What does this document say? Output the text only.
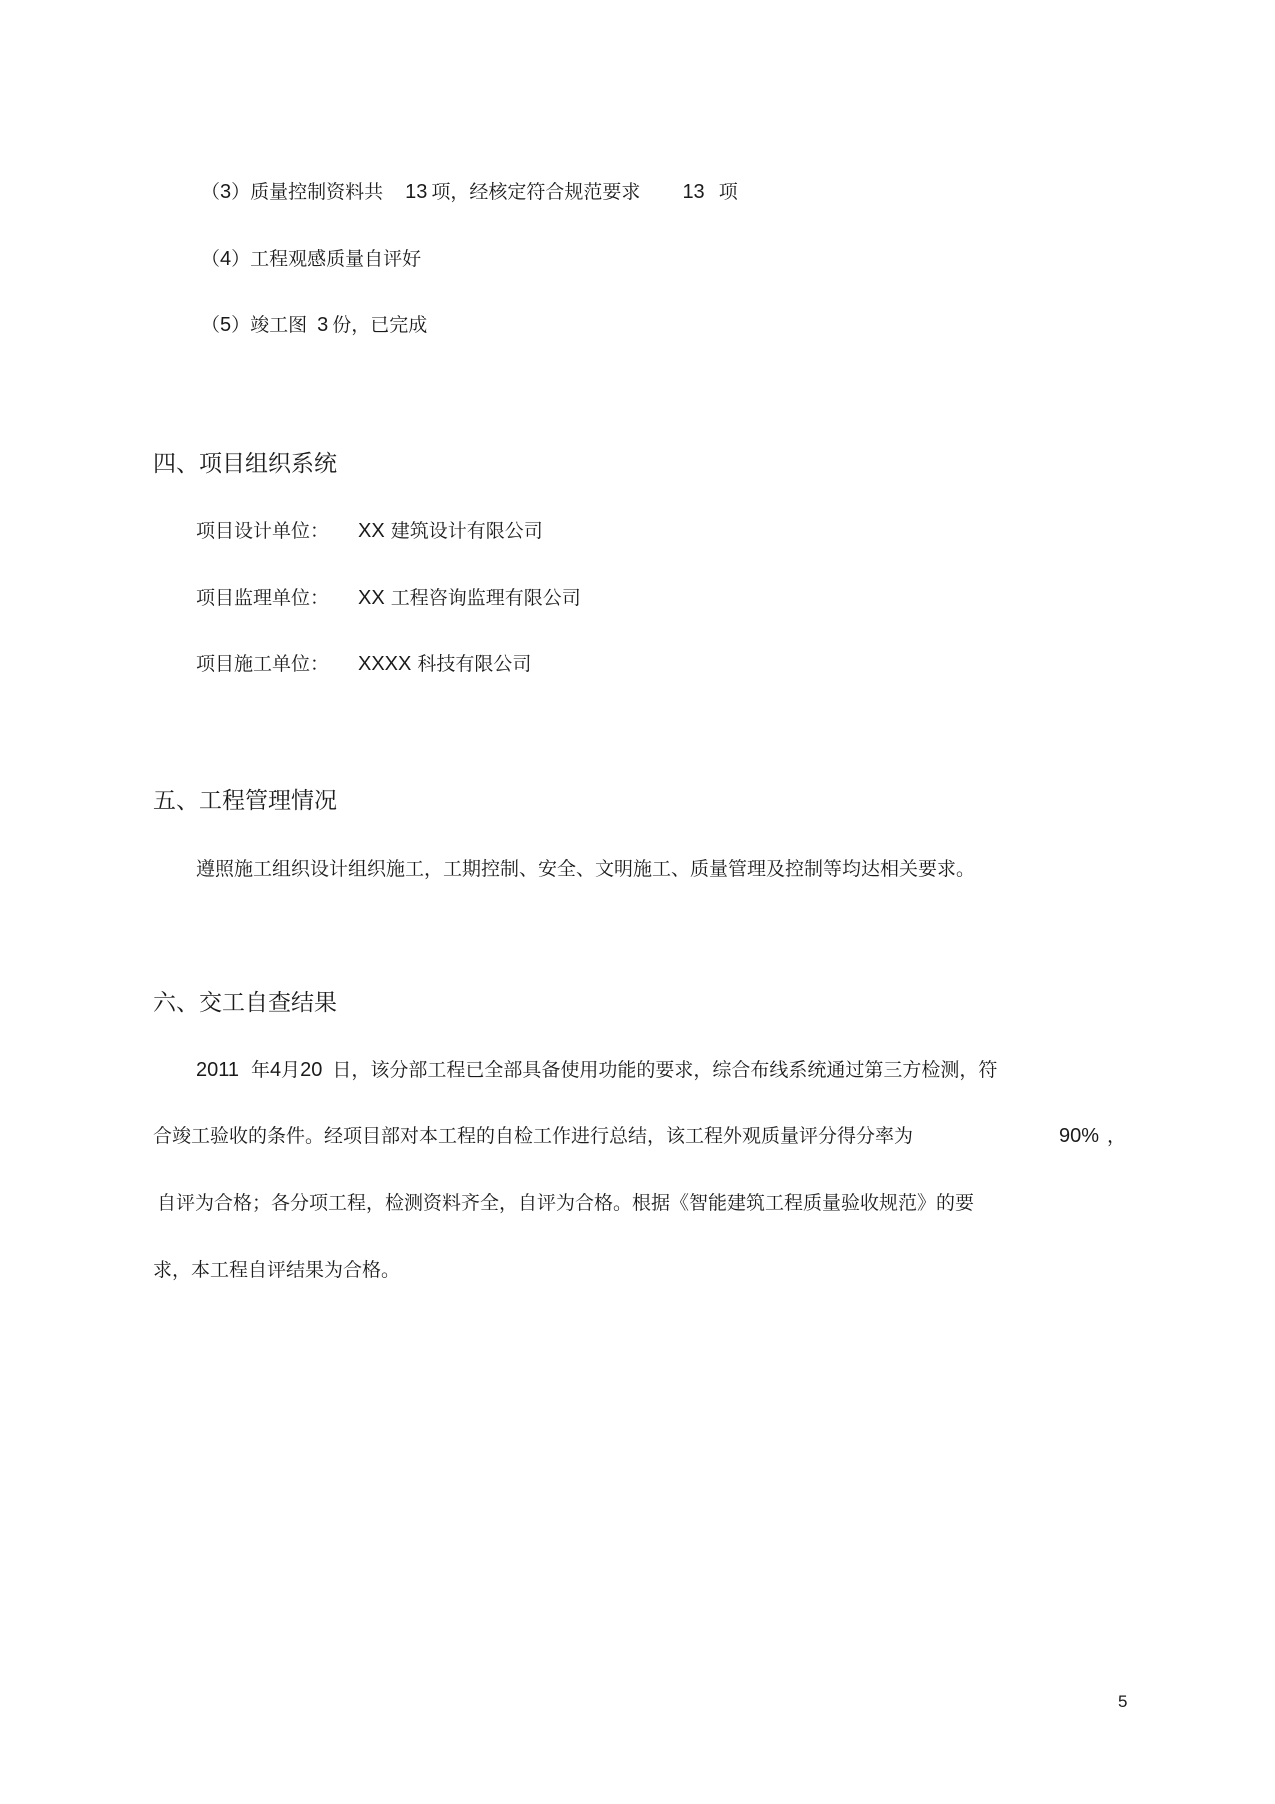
（3）质量控制资料共 13 项，经核定符合规范要求 13 项
（4）工程观感质量自评好
（5）竣工图 3 份，已完成
四、项目组织系统
项目设计单位： XX 建筑设计有限公司
项目监理单位： XX 工程咨询监理有限公司
项目施工单位： XXXX 科技有限公司
五、工程管理情况
遵照施工组织设计组织施工，工期控制、安全、文明施工、质量管理及控制等均达相关要求。
六、交工自查结果
2011 年4月20 日，该分部工程已全部具备使用功能的要求，综合布线系统通过第三方检测，符
合竣工验收的条件。经项目部对本工程的自检工作进行总结，该工程外观质量评分得分率为	90% ，
自评为合格；各分项工程，检测资料齐全，自评为合格。根据《智能建筑工程质量验收规范》的要
求，本工程自评结果为合格。
5
